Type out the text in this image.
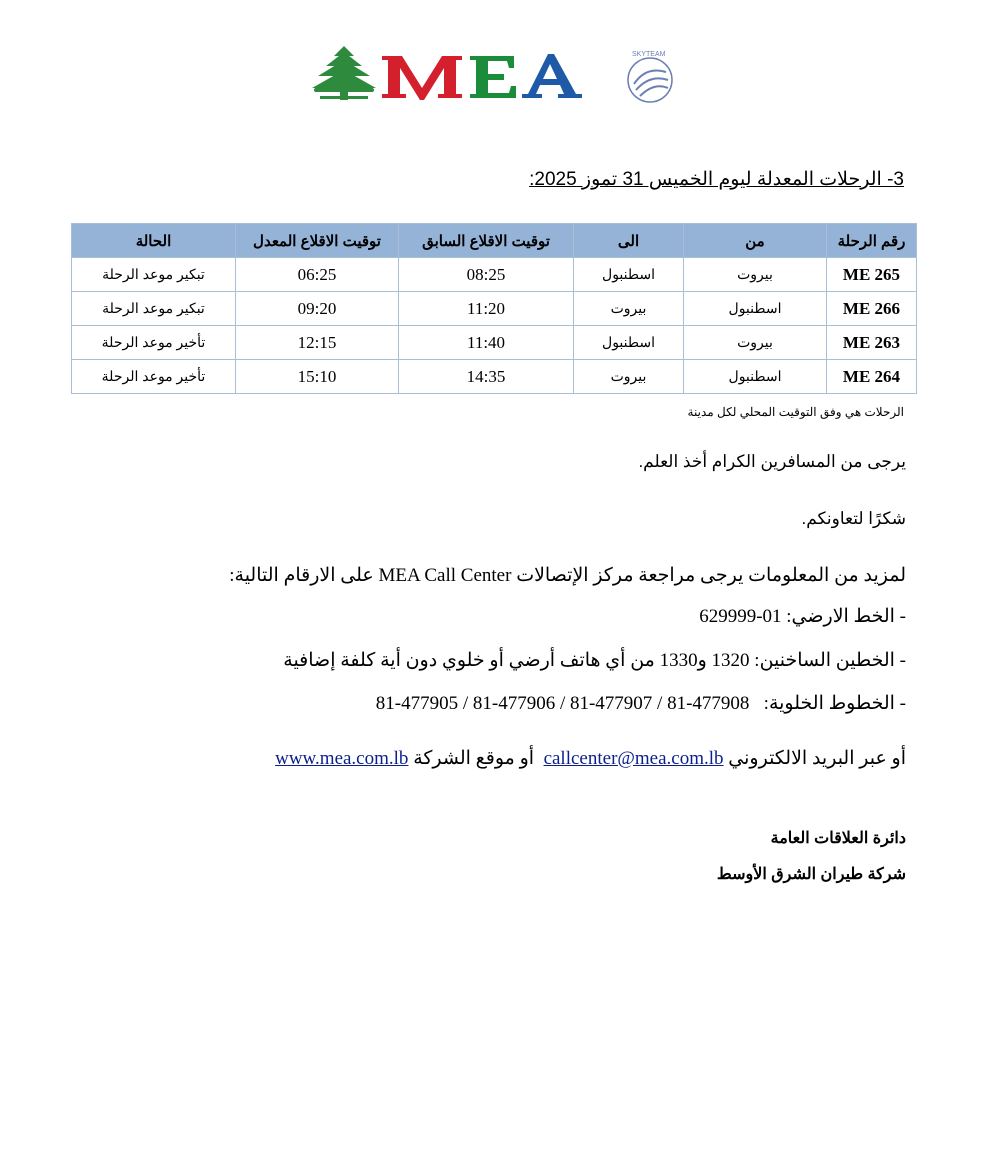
SKYTEAM
3- الرحلات المعدلة ليوم الخميس 31 تموز 2025:
رقم الرحلة	من	الى	توقيت الاقلاع السابق	توقيت الاقلاع المعدل	الحالة
ME 265	بيروت	اسطنبول	08:25	06:25	تبكير موعد الرحلة
ME 266	اسطنبول	بيروت	11:20	09:20	تبكير موعد الرحلة
ME 263	بيروت	اسطنبول	11:40	12:15	تأخير موعد الرحلة
ME 264	اسطنبول	بيروت	14:35	15:10	تأخير موعد الرحلة
الرحلات هي وفق التوقيت المحلي لكل مدينة
يرجى من المسافرين الكرام أخذ العلم.
شكرًا لتعاونكم.
لمزيد من المعلومات يرجى مراجعة مركز الإتصالات MEA Call Center على الارقام التالية:
- الخط الارضي: 01-629999
- الخطين الساخنين: 1320 و1330 من أي هاتف أرضي أو خلوي دون أية كلفة إضافية
- الخطوط الخلوية:   81-477905 / 81-477906 / 81-477907 / 81-477908
أو عبر البريد الالكتروني callcenter@mea.com.lb  أو موقع الشركة www.mea.com.lb
دائرة العلاقات العامة
شركة طيران الشرق الأوسط
